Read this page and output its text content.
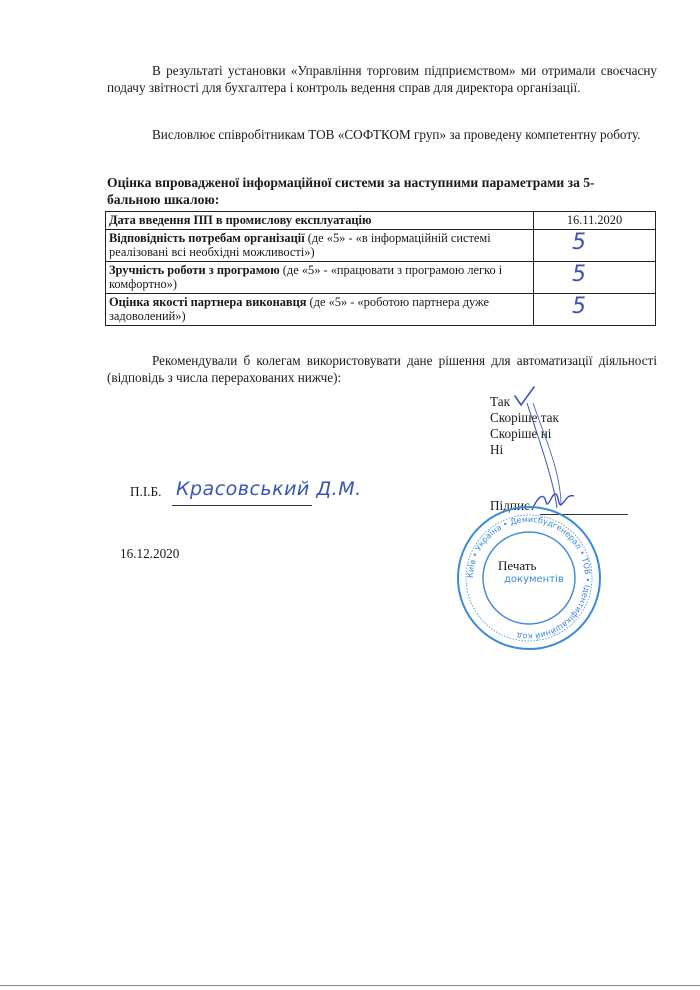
В результаті установки «Управління торговим підприємством» ми отримали своєчасну подачу звітності для бухгалтера і контроль ведення справ для директора організації.
Висловлює співробітникам ТОВ «СОФТКОМ груп» за проведену компетентну роботу.
Оцінка впровадженої інформаційної системи за наступними параметрами за 5-бальною шкалою:
Дата введення ПП в промислову експлуатацію	16.11.2020
Відповідність потребам організації (де «5» - «в інформаційній системі реалізовані всі необхідні можливості»)	5

Зручність роботи з програмою (де «5» - «працювати з програмою легко і комфортно»)	5

Оцінка якості партнера виконавця (де «5» - «роботою партнера дуже задоволений»)	5
Рекомендували б колегам використовувати дане рішення для автоматизації діяльності (відповідь з числа перерахованих нижче):
Так
Скоріше так
Скоріше ні
Ні
П.І.Б. Красовський Д.М.
Підпис
16.12.2020
Київ • Україна • Демисбудгенерал • ТОВ • Ідентифікаційний код
Печать
документів
